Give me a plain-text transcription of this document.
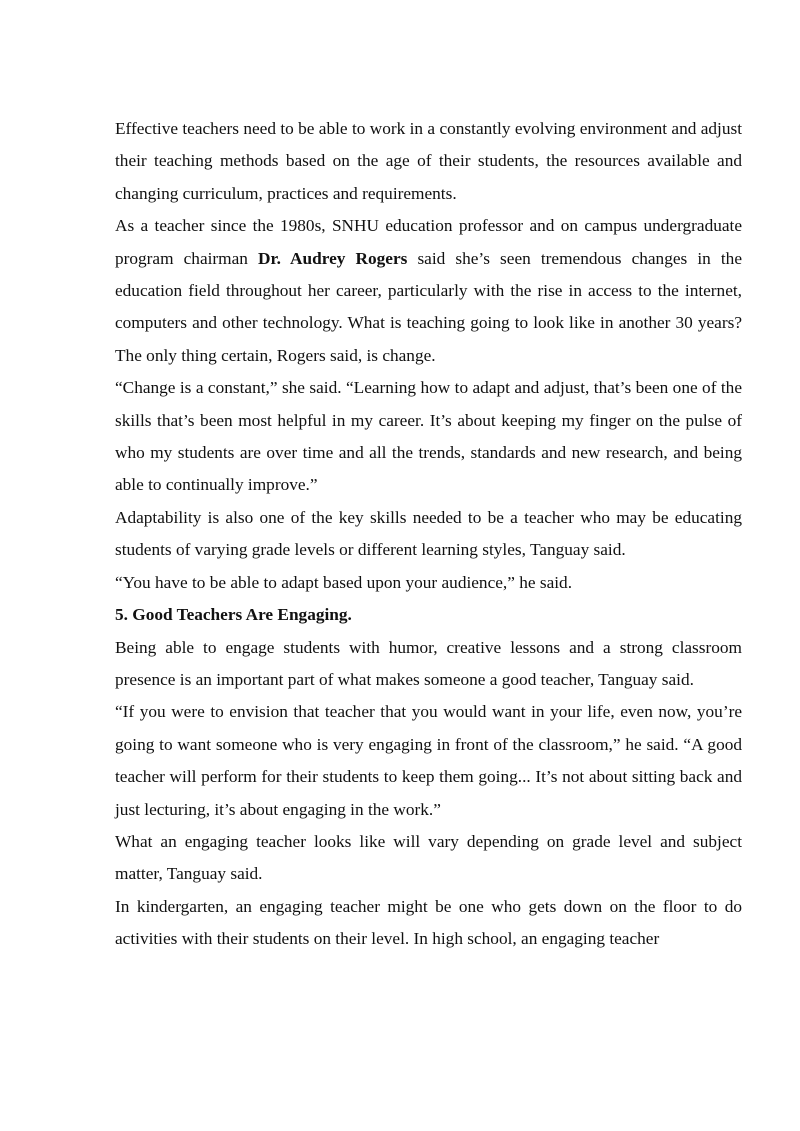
Effective teachers need to be able to work in a constantly evolving environment and adjust their teaching methods based on the age of their students, the resources available and changing curriculum, practices and requirements.

As a teacher since the 1980s, SNHU education professor and on campus undergraduate program chairman Dr. Audrey Rogers said she’s seen tremendous changes in the education field throughout her career, particularly with the rise in access to the internet, computers and other technology. What is teaching going to look like in another 30 years? The only thing certain, Rogers said, is change.

“Change is a constant,” she said. “Learning how to adapt and adjust, that’s been one of the skills that’s been most helpful in my career. It’s about keeping my finger on the pulse of who my students are over time and all the trends, standards and new research, and being able to continually improve.”

Adaptability is also one of the key skills needed to be a teacher who may be educating students of varying grade levels or different learning styles, Tanguay said.

“You have to be able to adapt based upon your audience,” he said.

5. Good Teachers Are Engaging.

Being able to engage students with humor, creative lessons and a strong classroom presence is an important part of what makes someone a good teacher, Tanguay said.

“If you were to envision that teacher that you would want in your life, even now, you’re going to want someone who is very engaging in front of the classroom,” he said. “A good teacher will perform for their students to keep them going... It’s not about sitting back and just lecturing, it’s about engaging in the work.”

What an engaging teacher looks like will vary depending on grade level and subject matter, Tanguay said.

In kindergarten, an engaging teacher might be one who gets down on the floor to do activities with their students on their level. In high school, an engaging teacher
